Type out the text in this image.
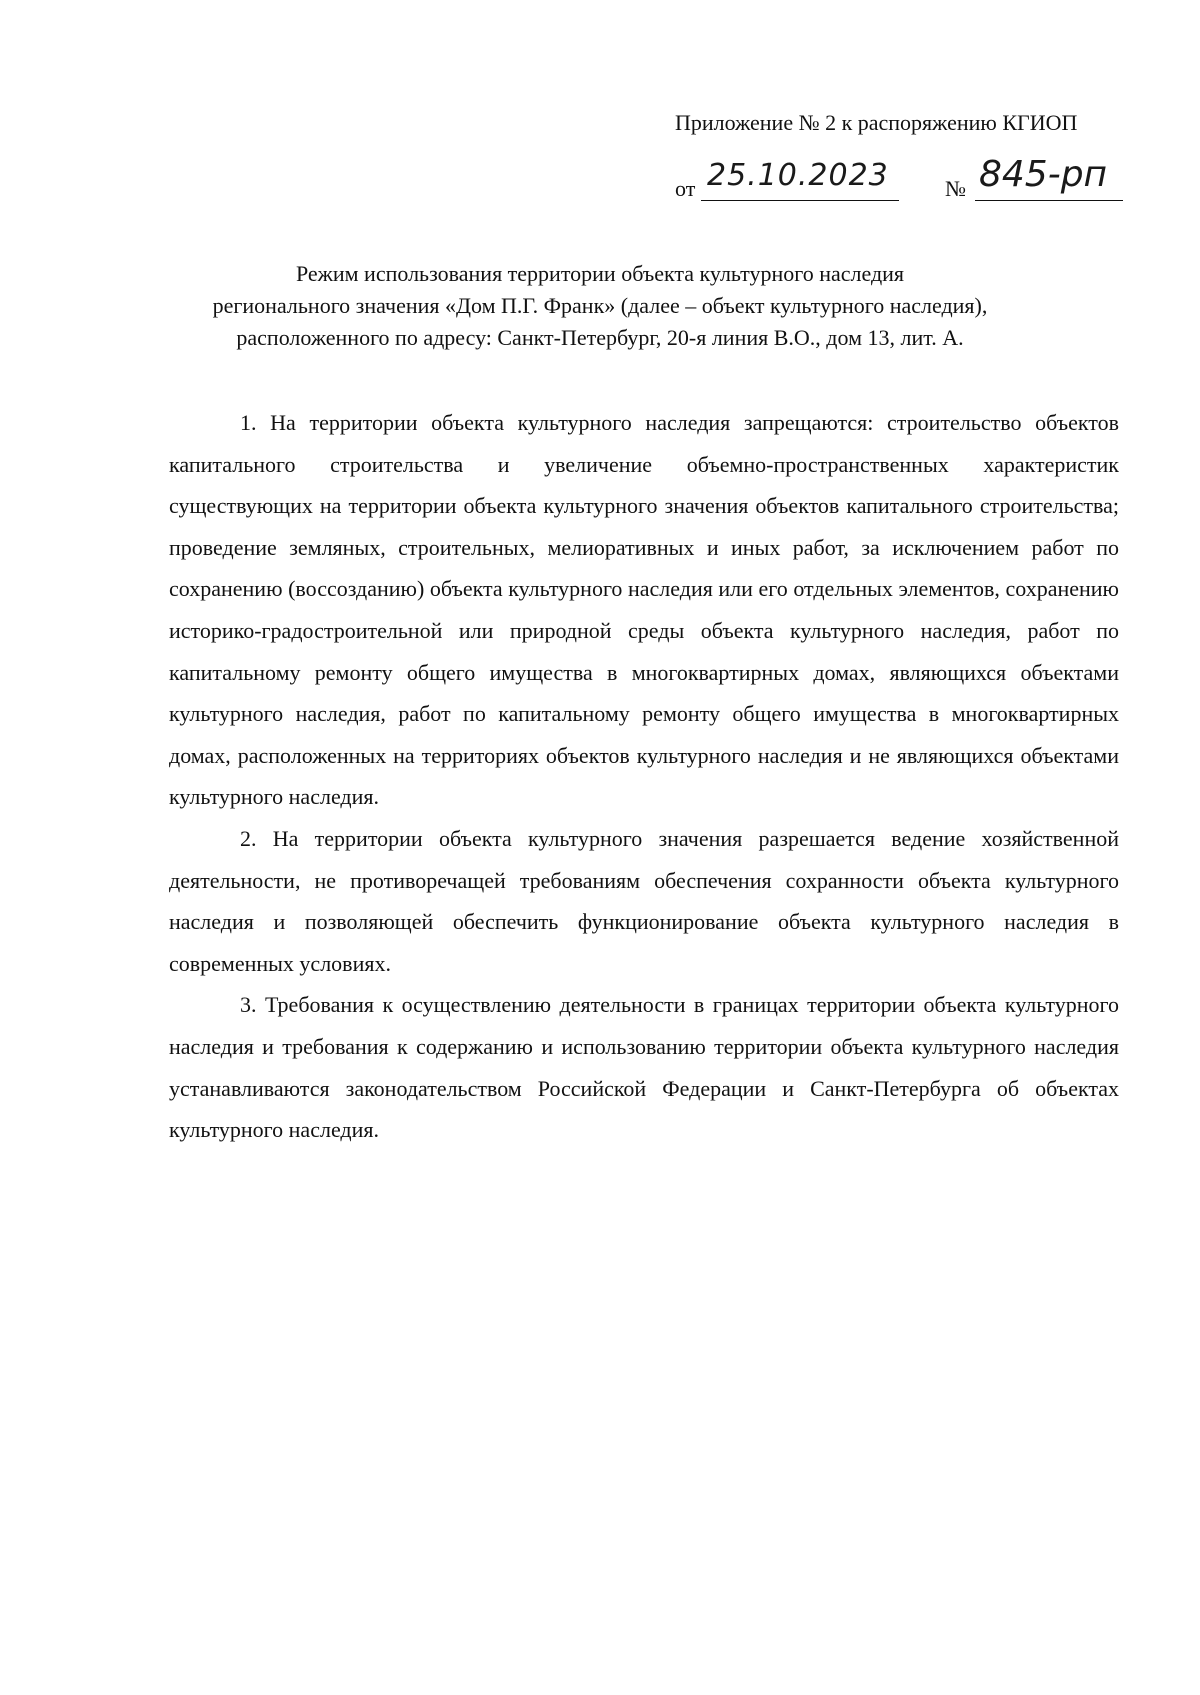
Приложение № 2 к распоряжению КГИОП
от 25.10.2023	№ 845-рп
Режим использования территории объекта культурного наследия
регионального значения «Дом П.Г. Франк» (далее – объект культурного наследия),
расположенного по адресу: Санкт-Петербург, 20-я линия В.О., дом 13, лит. А.

1. На территории объекта культурного наследия запрещаются: строительство объектов капитального строительства и увеличение объемно-пространственных характеристик существующих на территории объекта культурного значения объектов капитального строительства; проведение земляных, строительных, мелиоративных и иных работ, за исключением работ по сохранению (воссозданию) объекта культурного наследия или его отдельных элементов, сохранению историко-градостроительной или природной среды объекта культурного наследия, работ по капитальному ремонту общего имущества в многоквартирных домах, являющихся объектами культурного наследия, работ по капитальному ремонту общего имущества в многоквартирных домах, расположенных на территориях объектов культурного наследия и не являющихся объектами культурного наследия.

2. На территории объекта культурного значения разрешается ведение хозяйственной деятельности, не противоречащей требованиям обеспечения сохранности объекта культурного наследия и позволяющей обеспечить функционирование объекта культурного наследия в современных условиях.

3. Требования к осуществлению деятельности в границах территории объекта культурного наследия и требования к содержанию и использованию территории объекта культурного наследия устанавливаются законодательством Российской Федерации и Санкт-Петербурга об объектах культурного наследия.
